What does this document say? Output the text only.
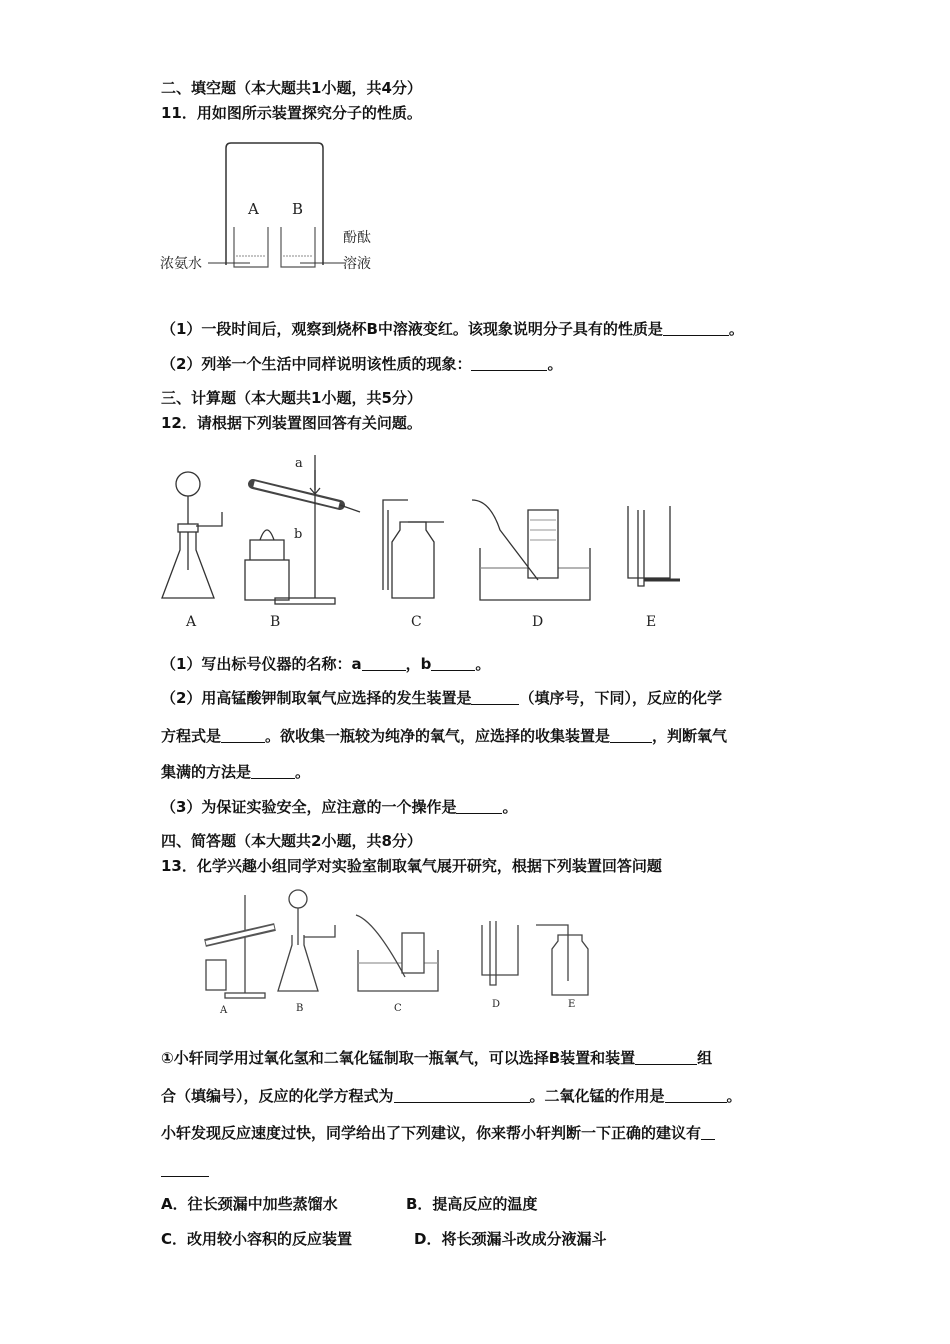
二、填空题（本大题共1小题，共4分）
11．用如图所示装置探究分子的性质。
A B
浓氨水
酚酞
溶液
（1）一段时间后，观察到烧杯B中溶液变红。该现象说明分子具有的性质是	。
（2）列举一个生活中同样说明该性质的现象：	。
三、计算题（本大题共1小题，共5分）
12．请根据下列装置图回答有关问题。
a
b
A	B	C	D	E
（1）写出标号仪器的名称：a	，b	。
（2）用高锰酸钾制取氧气应选择的发生装置是	（填序号，下同），反应的化学
方程式是	。欲收集一瓶较为纯净的氧气，应选择的收集装置是	，判断氧气
集满的方法是	。
（3）为保证实验安全，应注意的一个操作是	。
四、简答题（本大题共2小题，共8分）
13．化学兴趣小组同学对实验室制取氧气展开研究，根据下列装置回答问题
A	B	C	D	E
①小轩同学用过氧化氢和二氧化锰制取一瓶氧气，可以选择B装置和装置	组
合（填编号），反应的化学方程式为	。二氧化锰的作用是	。
小轩发现反应速度过快，同学给出了下列建议，你来帮小轩判断一下正确的建议有
A．往长颈漏中加些蒸馏水	B．提高反应的温度
C．改用较小容积的反应装置	D．将长颈漏斗改成分液漏斗
